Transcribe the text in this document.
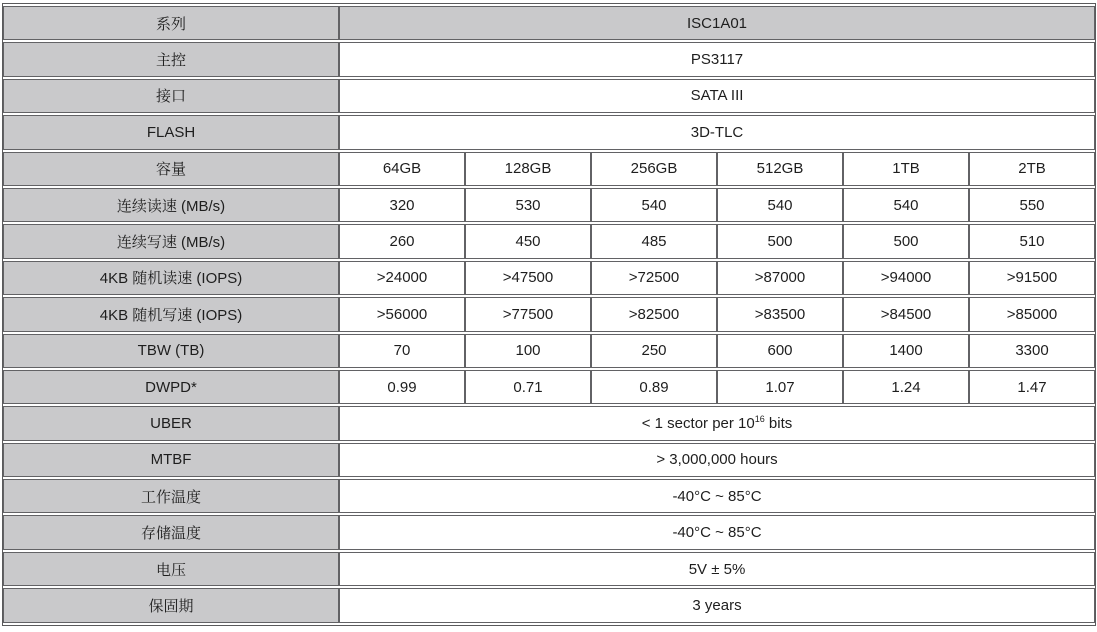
系列	ISC1A01					
主控	PS3117					
接口	SATA III					
FLASH	3D-TLC					
容量	64GB	128GB	256GB	512GB	1TB	2TB
连续读速 (MB/s)	320	530	540	540	540	550
连续写速 (MB/s)	260	450	485	500	500	510
4KB 随机读速 (IOPS)	>24000	>47500	>72500	>87000	>94000	>91500
4KB 随机写速 (IOPS)	>56000	>77500	>82500	>83500	>84500	>85000
TBW (TB)	70	100	250	600	1400	3300
DWPD*	0.99	0.71	0.89	1.07	1.24	1.47
UBER	< 1 sector per $10^{16}$ bits					
MTBF	> 3,000,000 hours					
工作温度	-40°C ~ 85°C					
存储温度	-40°C ~ 85°C					
电压	5V ± 5%					
保固期	3 years					
